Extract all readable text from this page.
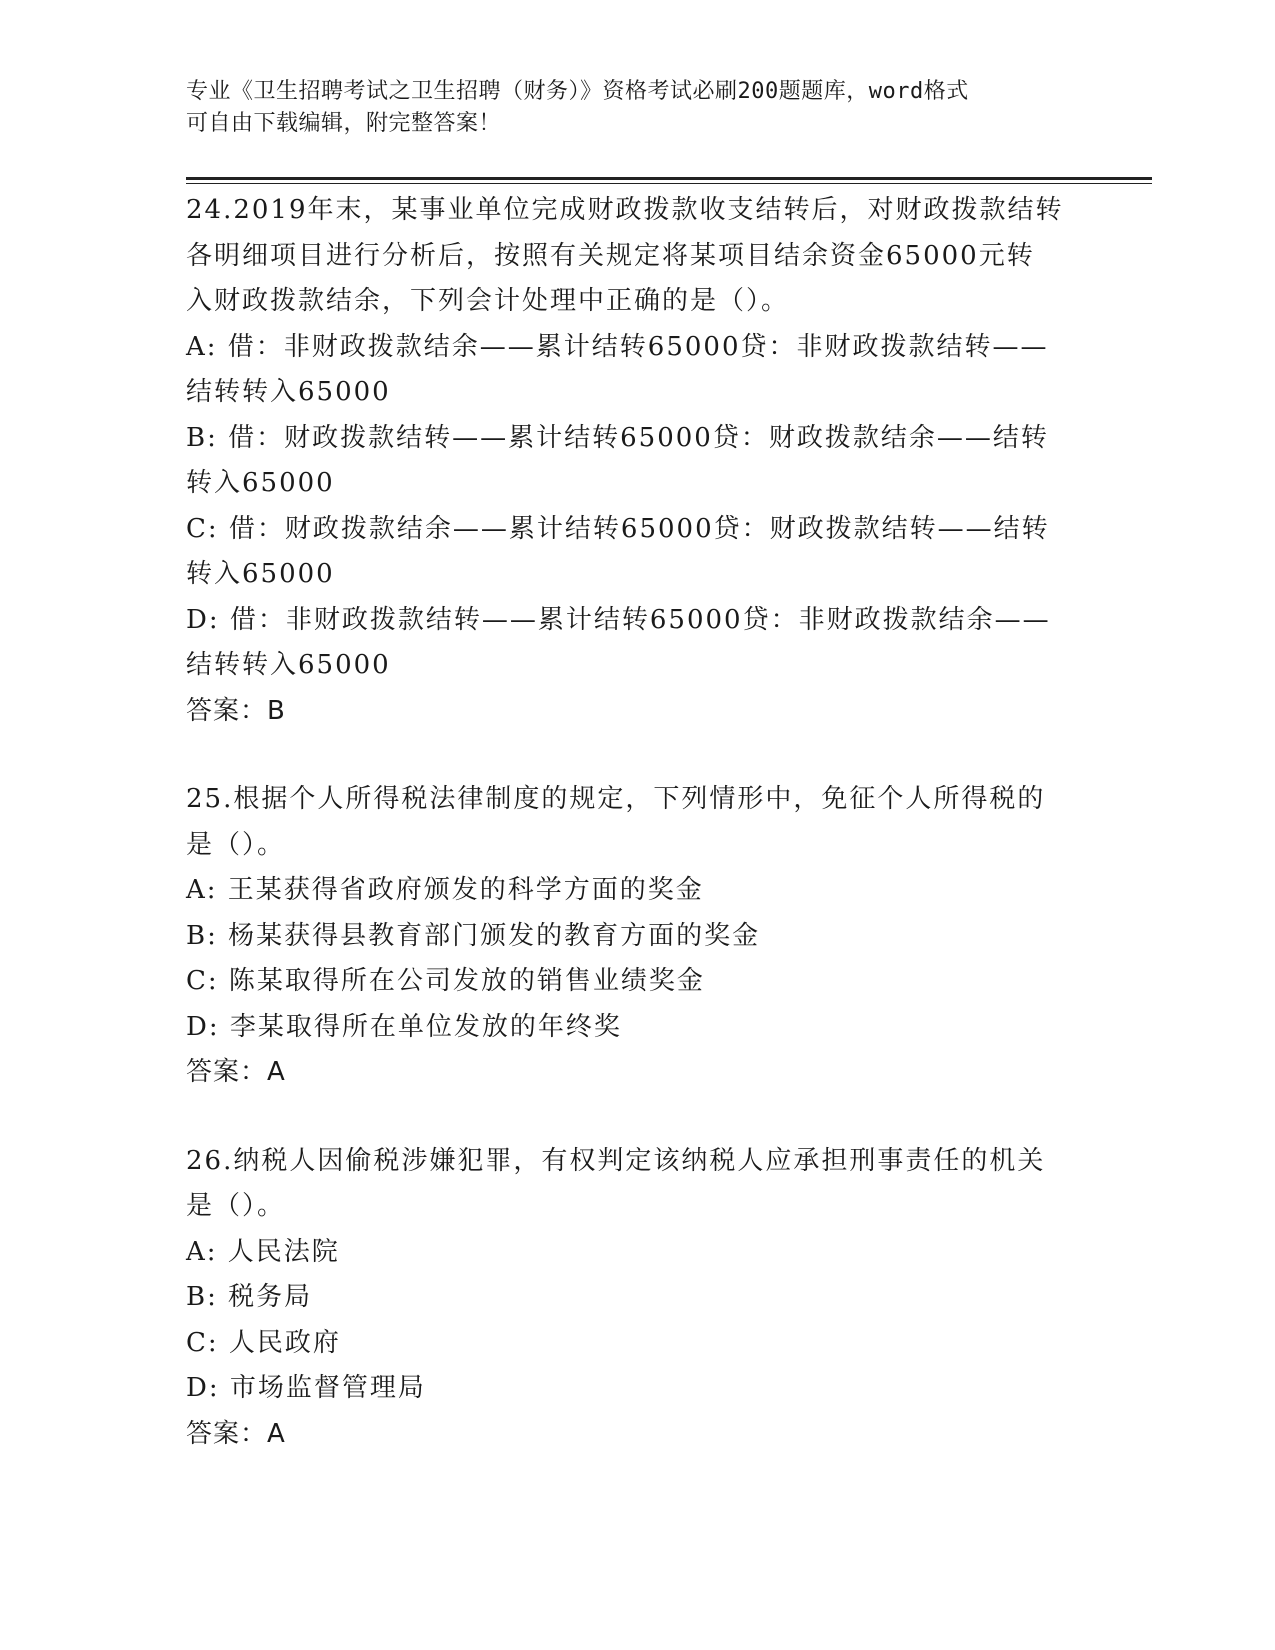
专业《卫生招聘考试之卫生招聘（财务）》资格考试必刷200题题库，word格式
可自由下载编辑，附完整答案！
24.2019年末，某事业单位完成财政拨款收支结转后，对财政拨款结转
各明细项目进行分析后，按照有关规定将某项目结余资金65000元转
入财政拨款结余，下列会计处理中正确的是（）。
A: 借：非财政拨款结余——累计结转65000贷：非财政拨款结转——
结转转入65000
B: 借：财政拨款结转——累计结转65000贷：财政拨款结余——结转
转入65000
C: 借：财政拨款结余——累计结转65000贷：财政拨款结转——结转
转入65000
D: 借：非财政拨款结转——累计结转65000贷：非财政拨款结余——
结转转入65000
答案：B
25.根据个人所得税法律制度的规定，下列情形中，免征个人所得税的
是（）。
A: 王某获得省政府颁发的科学方面的奖金
B: 杨某获得县教育部门颁发的教育方面的奖金
C: 陈某取得所在公司发放的销售业绩奖金
D: 李某取得所在单位发放的年终奖
答案：A
26.纳税人因偷税涉嫌犯罪，有权判定该纳税人应承担刑事责任的机关
是（）。
A: 人民法院
B: 税务局
C: 人民政府
D: 市场监督管理局
答案：A
